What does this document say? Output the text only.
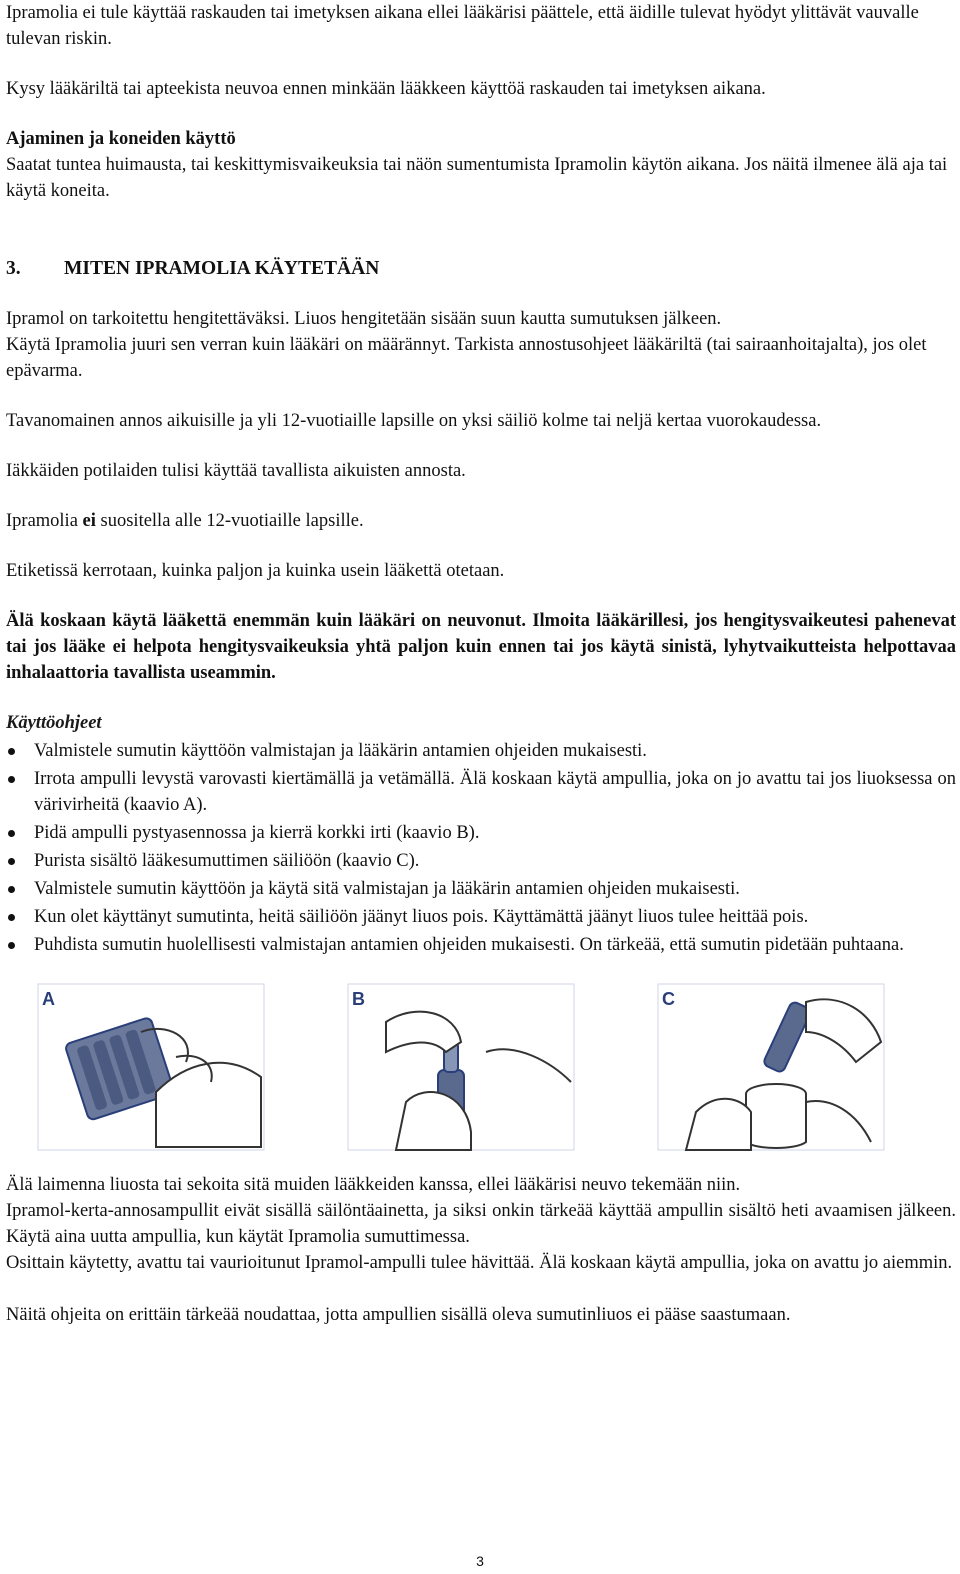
Ipramolia ei tule käyttää raskauden tai imetyksen aikana ellei lääkärisi päättele, että äidille tulevat hyödyt ylittävät vauvalle tulevan riskin.

Kysy lääkäriltä tai apteekista neuvoa ennen minkään lääkkeen käyttöä raskauden tai imetyksen aikana.

Ajaminen ja koneiden käyttö

Saatat tuntea huimausta, tai keskittymisvaikeuksia tai näön sumentumista Ipramolin käytön aikana. Jos näitä ilmenee älä aja tai käytä koneita.

3.	MITEN IPRAMOLIA KÄYTETÄÄN

Ipramol on tarkoitettu hengitettäväksi. Liuos hengitetään sisään suun kautta sumutuksen jälkeen.

Käytä Ipramolia juuri sen verran kuin lääkäri on määrännyt. Tarkista annostusohjeet lääkäriltä (tai sairaanhoitajalta), jos olet epävarma.

Tavanomainen annos aikuisille ja yli 12-vuotiaille lapsille on yksi säiliö kolme tai neljä kertaa vuorokaudessa.

Iäkkäiden potilaiden tulisi käyttää tavallista aikuisten annosta.

Ipramolia ei suositella alle 12-vuotiaille lapsille.

Etiketissä kerrotaan, kuinka paljon ja kuinka usein lääkettä otetaan.

Älä koskaan käytä lääkettä enemmän kuin lääkäri on neuvonut. Ilmoita lääkärillesi, jos hengitysvaikeutesi pahenevat tai jos lääke ei helpota hengitysvaikeuksia yhtä paljon kuin ennen tai jos käytä sinistä, lyhytvaikutteista helpottavaa inhalaattoria tavallista useammin.

Käyttöohjeet

Valmistele sumutin käyttöön valmistajan ja lääkärin antamien ohjeiden mukaisesti.
Irrota ampulli levystä varovasti kiertämällä ja vetämällä. Älä koskaan käytä ampullia, joka on jo avattu tai jos liuoksessa on värivirheitä (kaavio A).
Pidä ampulli pystyasennossa ja kierrä korkki irti (kaavio B).
Purista sisältö lääkesumuttimen säiliöön (kaavio C).
Valmistele sumutin käyttöön ja käytä sitä valmistajan ja lääkärin antamien ohjeiden mukaisesti.
Kun olet käyttänyt sumutinta, heitä säiliöön jäänyt liuos pois. Käyttämättä jäänyt liuos tulee heittää pois.
Puhdista sumutin huolellisesti valmistajan antamien ohjeiden mukaisesti. On tärkeää, että sumutin pidetään puhtaana.
A	B	C

Älä laimenna liuosta tai sekoita sitä muiden lääkkeiden kanssa, ellei lääkärisi neuvo tekemään niin.

Ipramol-kerta-annosampullit eivät sisällä säilöntäainetta, ja siksi onkin tärkeää käyttää ampullin sisältö heti avaamisen jälkeen. Käytä aina uutta ampullia, kun käytät Ipramolia sumuttimessa.

Osittain käytetty, avattu tai vaurioitunut Ipramol-ampulli tulee hävittää. Älä koskaan käytä ampullia, joka on avattu jo aiemmin.

Näitä ohjeita on erittäin tärkeää noudattaa, jotta ampullien sisällä oleva sumutinliuos ei pääse saastumaan.

3
